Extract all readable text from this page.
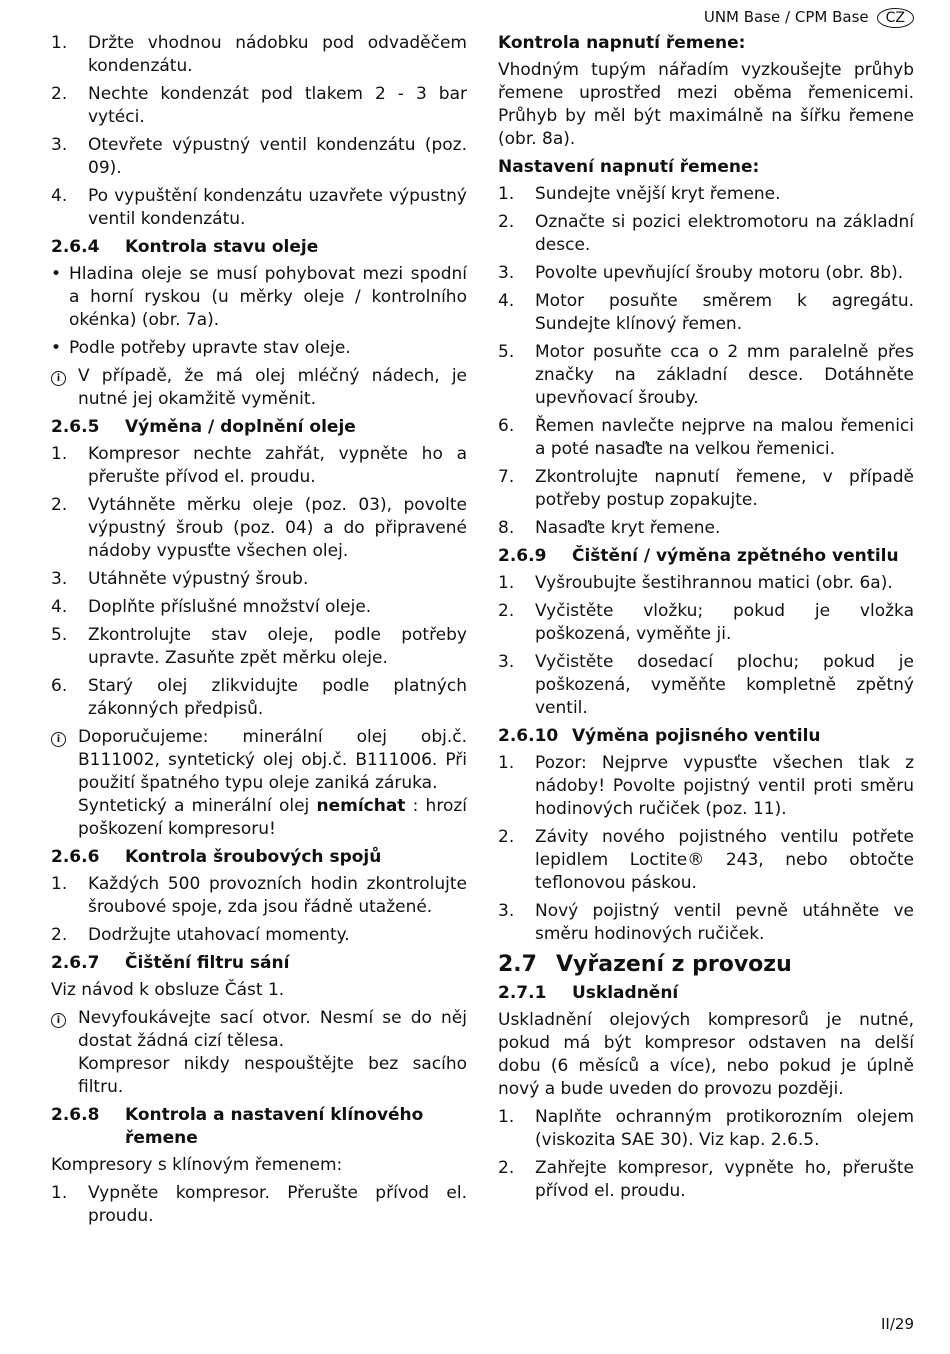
UNM Base / CPM Base	CZ
1.	Držte vhodnou nádobku pod odvaděčem kondenzátu.
2.	Nechte kondenzát pod tlakem 2 - 3 bar vytéci.
3.	Otevřete výpustný ventil kondenzátu (poz. 09).
4.	Po vypuštění kondenzátu uzavřete výpustný ventil kondenzátu.
2.6.4	Kontrola stavu oleje
• Hladina oleje se musí pohybovat mezi spodní a horní ryskou (u měrky oleje / kontrolního okénka) (obr. 7a).
• Podle potřeby upravte stav oleje.
i	V případě, že má olej mléčný nádech, je nutné jej okamžitě vyměnit.
2.6.5	Výměna / doplnění oleje
1.	Kompresor nechte zahřát, vypněte ho a přerušte přívod el. proudu.
2.	Vytáhněte měrku oleje (poz. 03), povolte výpustný šroub (poz. 04) a do připravené nádoby vypusťte všechen olej.
3.	Utáhněte výpustný šroub.
4.	Doplňte příslušné množství oleje.
5.	Zkontrolujte stav oleje, podle potřeby upravte. Zasuňte zpět měrku oleje.
6.	Starý olej zlikvidujte podle platných zákonných předpisů.
i	Doporučujeme: minerální olej obj.č. B111002, syntetický olej obj.č. B111006. Při použití špatného typu oleje zaniká záruka.
Syntetický a minerální olej nemíchat : hrozí poškození kompresoru!
2.6.6	Kontrola šroubových spojů
1.	Každých 500 provozních hodin zkontrolujte šroubové spoje, zda jsou řádně utažené.
2.	Dodržujte utahovací momenty.
2.6.7	Čištění filtru sání
Viz návod k obsluze Část 1.
i	Nevyfoukávejte sací otvor. Nesmí se do něj dostat žádná cizí tělesa.
Kompresor nikdy nespouštějte bez sacího filtru.
2.6.8	Kontrola a nastavení klínového řemene
Kompresory s klínovým řemenem:
1.	Vypněte kompresor. Přerušte přívod el. proudu.
Kontrola napnutí řemene:
Vhodným tupým nářadím vyzkoušejte průhyb řemene uprostřed mezi oběma řemenicemi. Průhyb by měl být maximálně na šířku řemene (obr. 8a).
Nastavení napnutí řemene:
1.	Sundejte vnější kryt řemene.
2.	Označte si pozici elektromotoru na základní desce.
3.	Povolte upevňující šrouby motoru (obr. 8b).
4.	Motor posuňte směrem k agregátu. Sundejte klínový řemen.
5.	Motor posuňte cca o 2 mm paralelně přes značky na základní desce. Dotáhněte upevňovací šrouby.
6.	Řemen navlečte nejprve na malou řemenici a poté nasaďte na velkou řemenici.
7.	Zkontrolujte napnutí řemene, v případě potřeby postup zopakujte.
8.	Nasaďte kryt řemene.
2.6.9	Čištění / výměna zpětného ventilu
1.	Vyšroubujte šestihrannou matici (obr. 6a).
2.	Vyčistěte vložku; pokud je vložka poškozená, vyměňte ji.
3.	Vyčistěte dosedací plochu; pokud je poškozená, vyměňte kompletně zpětný ventil.
2.6.10 Výměna pojisného ventilu
1.	Pozor: Nejprve vypusťte všechen tlak z nádoby! Povolte pojistný ventil proti směru hodinových ručiček (poz. 11).
2.	Závity nového pojistného ventilu potřete lepidlem Loctite® 243, nebo obtočte teflonovou páskou.
3.	Nový pojistný ventil pevně utáhněte ve směru hodinových ručiček.
2.7 Vyřazení z provozu
2.7.1	Uskladnění
Uskladnění olejových kompresorů je nutné, pokud má být kompresor odstaven na delší dobu (6 měsíců a více), nebo pokud je úplně nový a bude uveden do provozu později.
1.	Naplňte ochranným protikorozním olejem (viskozita SAE 30). Viz kap. 2.6.5.
2.	Zahřejte kompresor, vypněte ho, přerušte přívod el. proudu.
II/29
